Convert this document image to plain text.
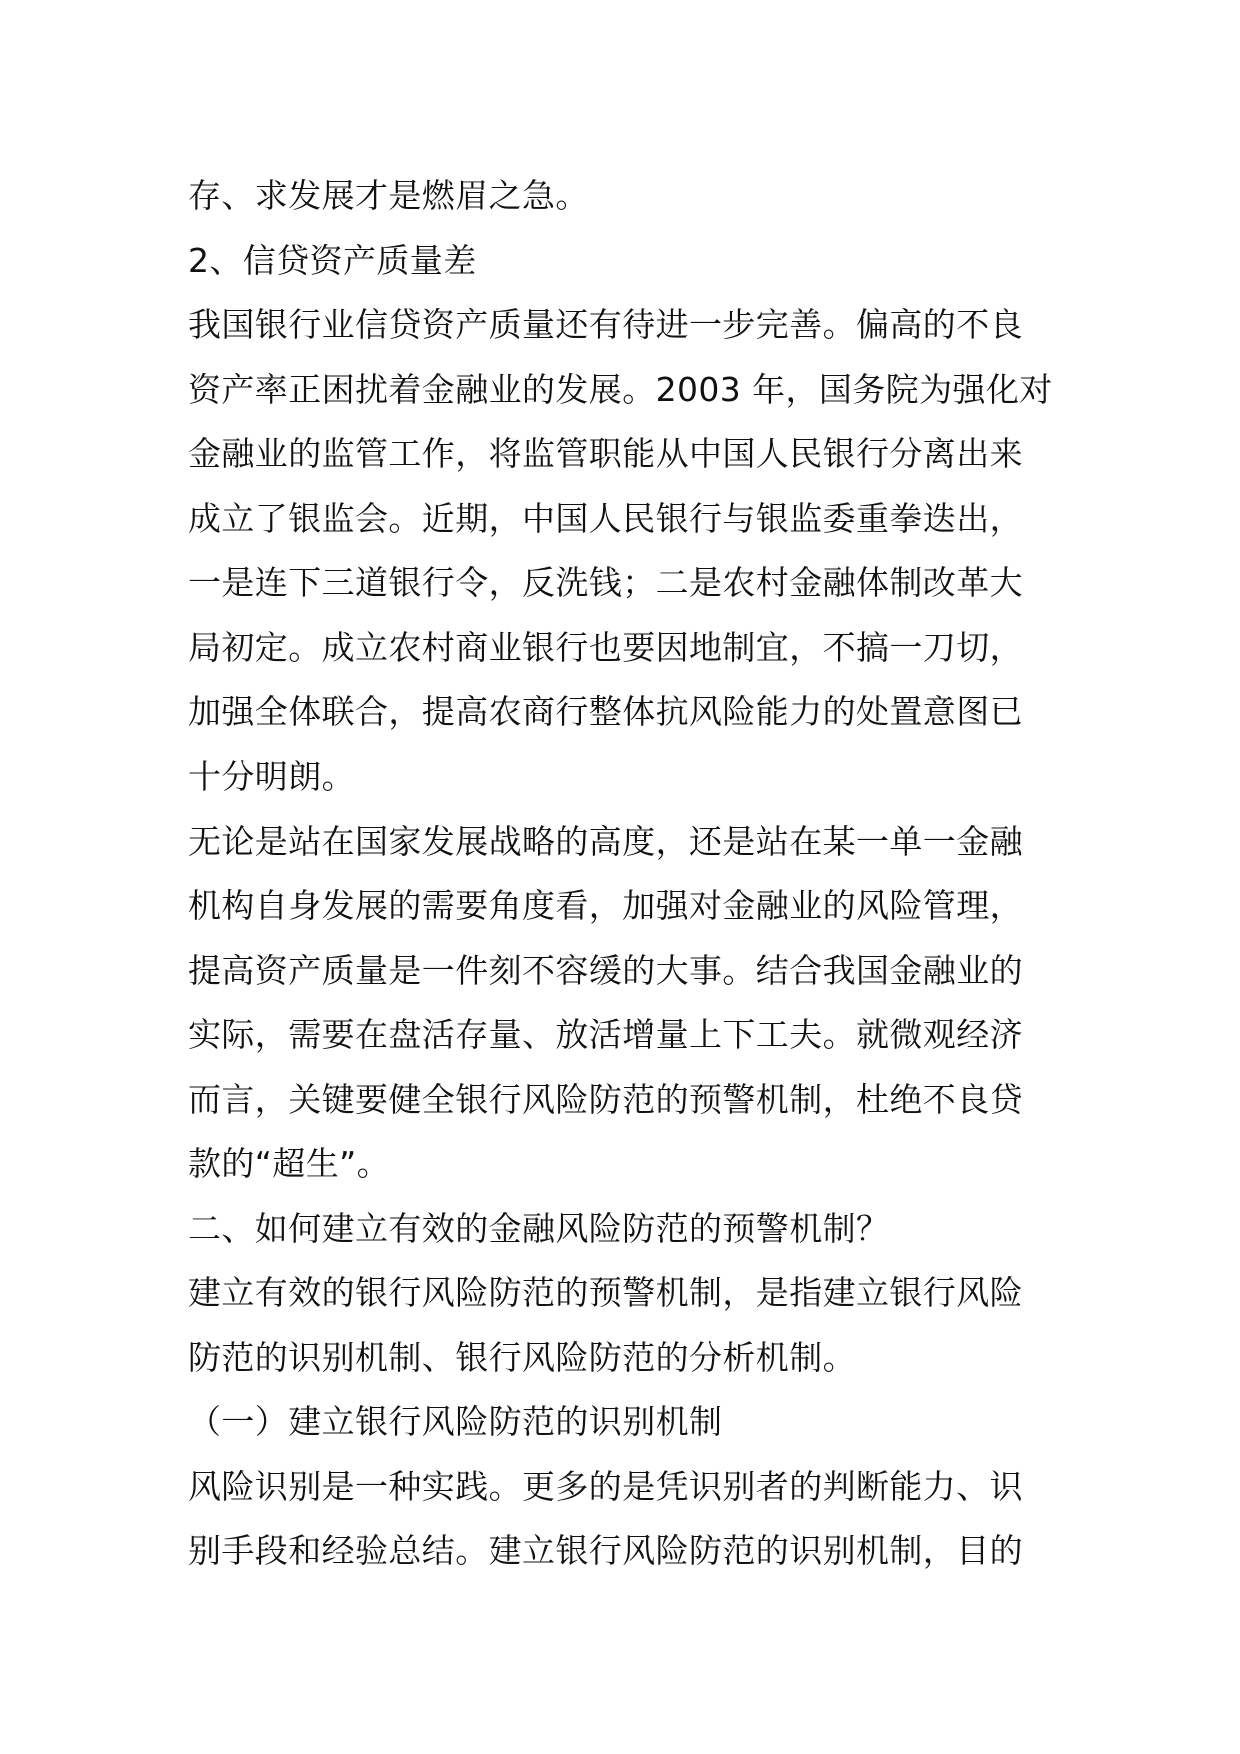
存、求发展才是燃眉之急。
2、信贷资产质量差
我国银行业信贷资产质量还有待进一步完善。偏高的不良
资产率正困扰着金融业的发展。2003 年，国务院为强化对
金融业的监管工作，将监管职能从中国人民银行分离出来
成立了银监会。近期，中国人民银行与银监委重拳迭出，
一是连下三道银行令，反洗钱；二是农村金融体制改革大
局初定。成立农村商业银行也要因地制宜，不搞一刀切，
加强全体联合，提高农商行整体抗风险能力的处置意图已
十分明朗。
无论是站在国家发展战略的高度，还是站在某一单一金融
机构自身发展的需要角度看，加强对金融业的风险管理，
提高资产质量是一件刻不容缓的大事。结合我国金融业的
实际，需要在盘活存量、放活增量上下工夫。就微观经济
而言，关键要健全银行风险防范的预警机制，杜绝不良贷
款的“超生”。
二、如何建立有效的金融风险防范的预警机制？
建立有效的银行风险防范的预警机制，是指建立银行风险
防范的识别机制、银行风险防范的分析机制。
（一）建立银行风险防范的识别机制
风险识别是一种实践。更多的是凭识别者的判断能力、识
别手段和经验总结。建立银行风险防范的识别机制，目的
